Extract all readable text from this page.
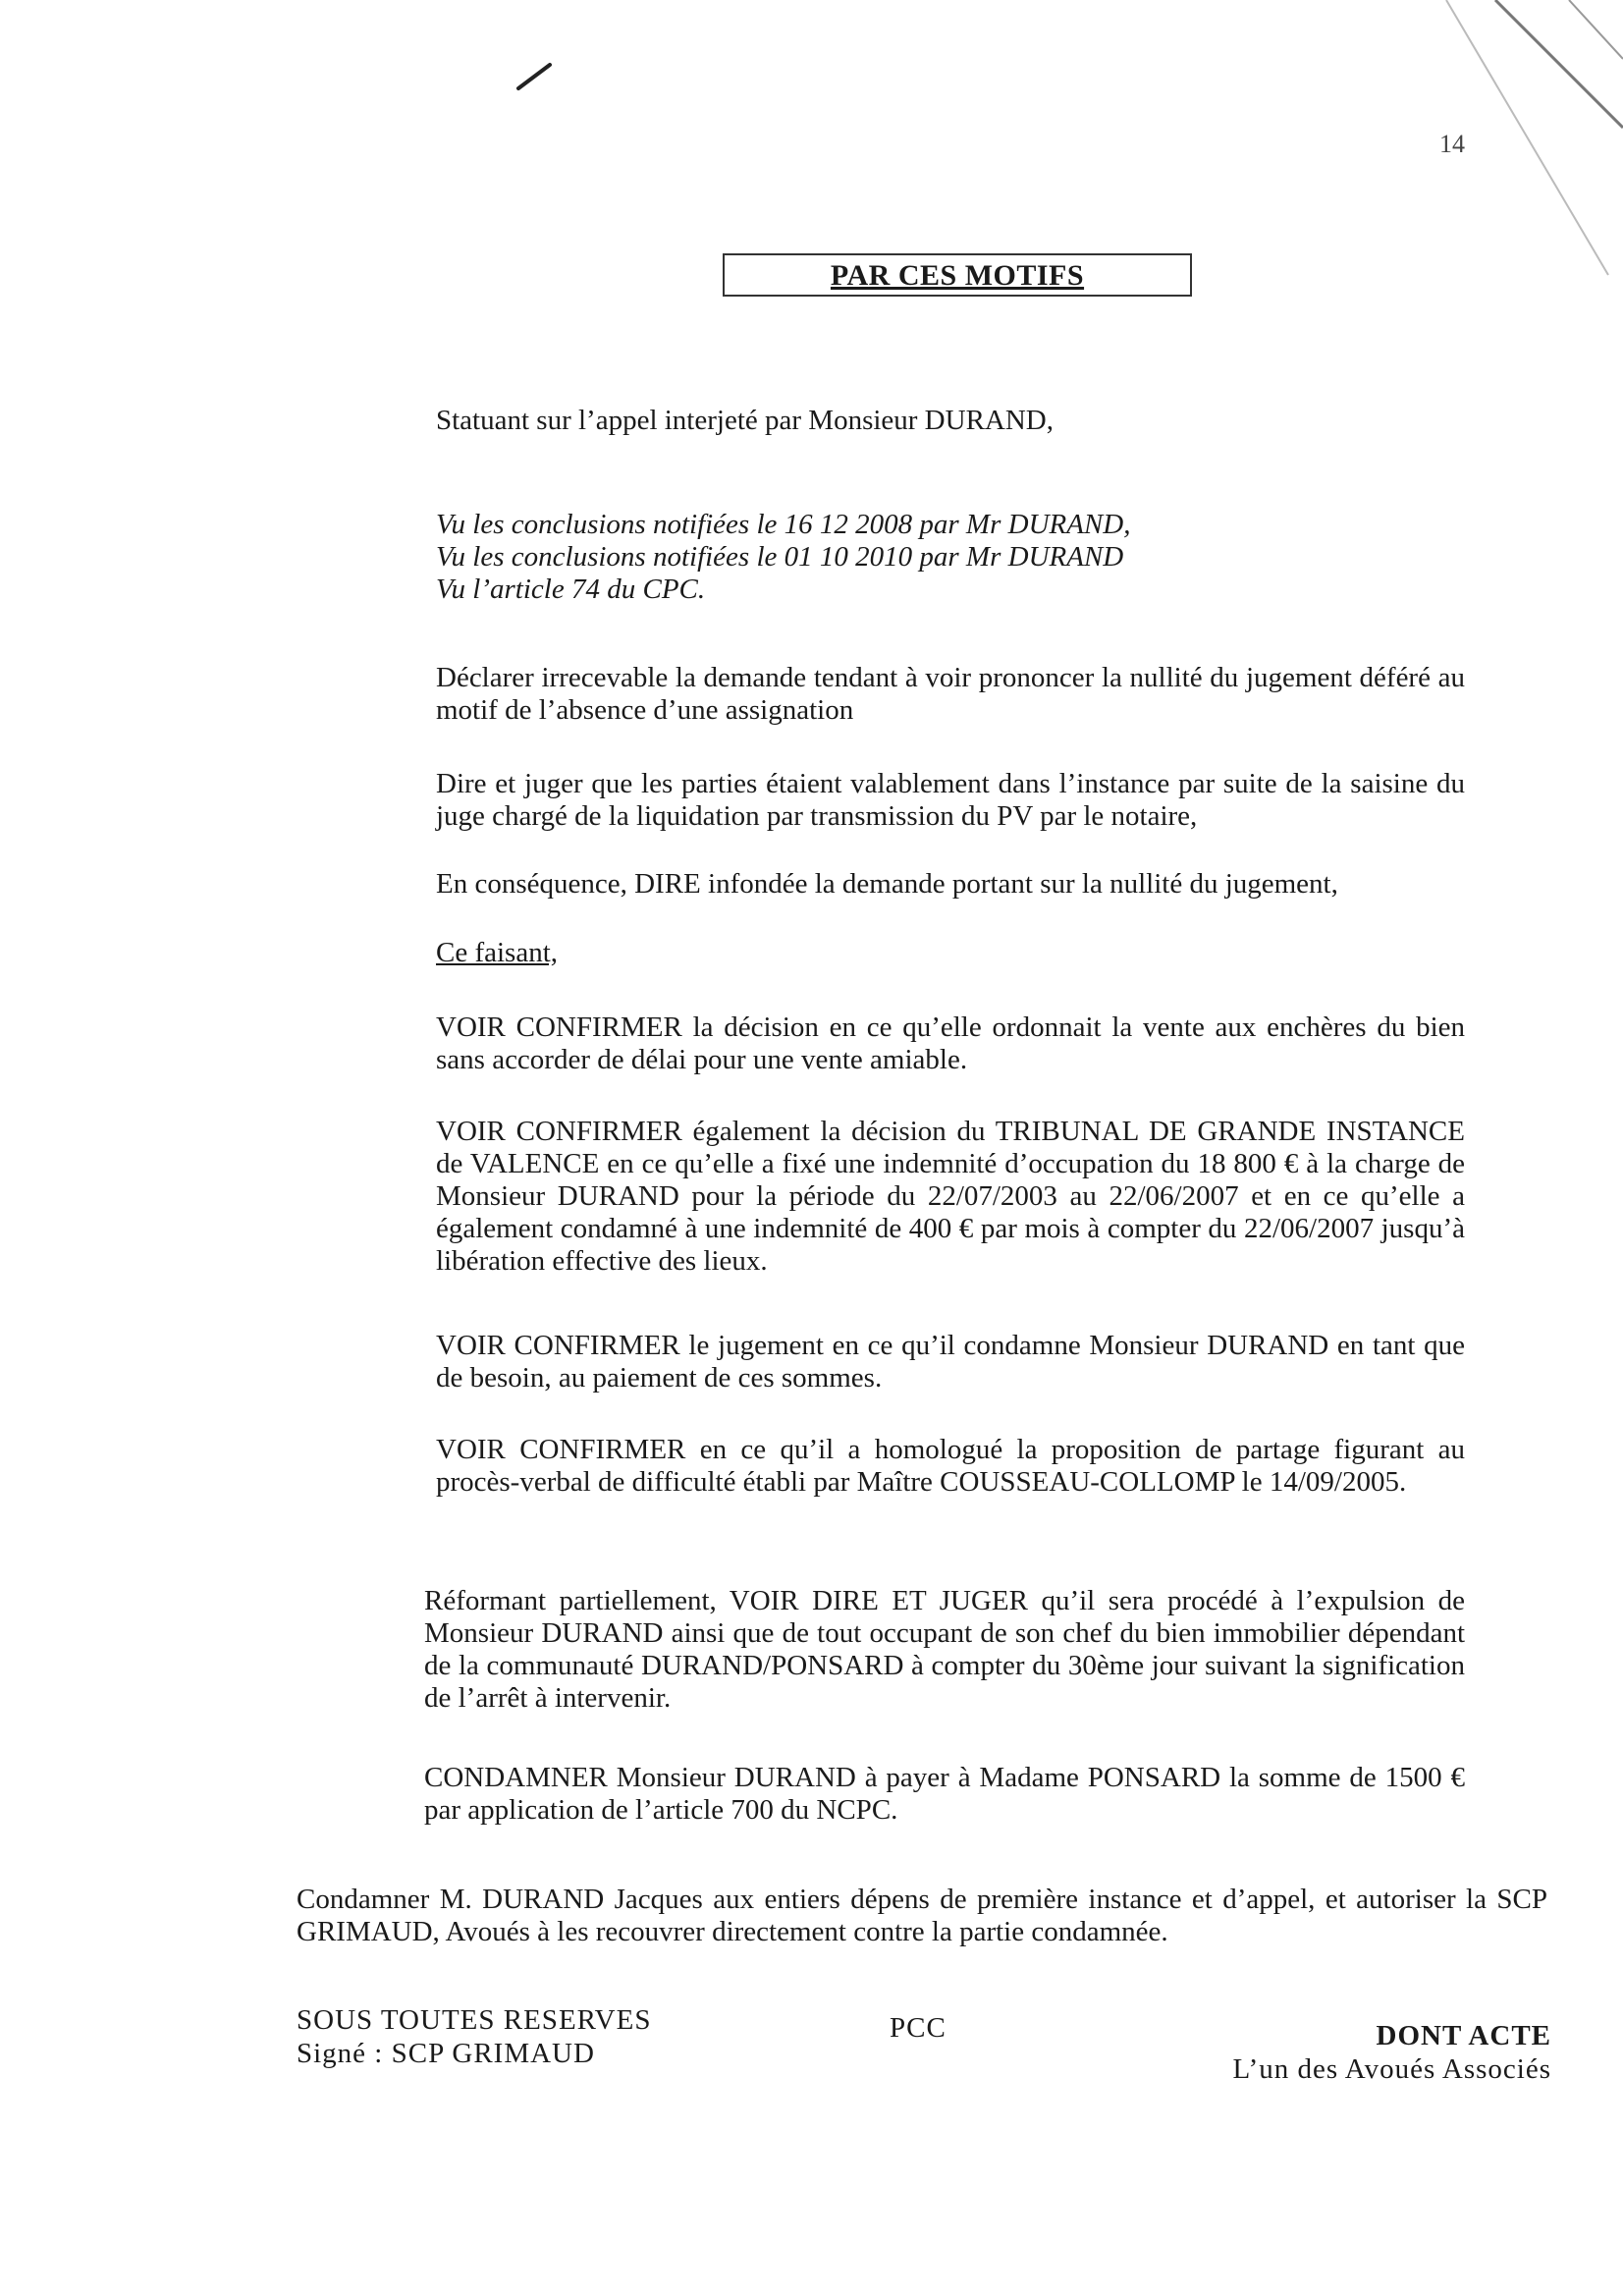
14
PAR CES MOTIFS
Statuant sur l’appel interjeté par Monsieur DURAND,
Vu les conclusions notifiées le 16 12 2008 par Mr DURAND,
Vu les conclusions notifiées le 01 10 2010 par Mr DURAND
Vu l’article 74 du CPC.
Déclarer irrecevable la demande tendant à voir prononcer la nullité du jugement déféré au motif de l’absence d’une assignation
Dire et juger que les parties étaient valablement dans l’instance par suite de la saisine du juge chargé de la liquidation par transmission du PV par le notaire,
En conséquence, DIRE infondée la demande portant sur la nullité du jugement,
Ce faisant,
VOIR CONFIRMER la décision en ce qu’elle ordonnait la vente aux enchères du bien sans accorder de délai pour une vente amiable.
VOIR CONFIRMER également la décision du TRIBUNAL DE GRANDE INSTANCE de VALENCE en ce qu’elle a fixé une indemnité d’occupation du 18 800 € à la charge de Monsieur DURAND pour la période du 22/07/2003 au 22/06/2007 et en ce qu’elle a également condamné à une indemnité de 400 € par mois à compter du 22/06/2007 jusqu’à libération effective des lieux.
VOIR CONFIRMER le jugement en ce qu’il condamne Monsieur DURAND en tant que de besoin, au paiement de ces sommes.
VOIR CONFIRMER en ce qu’il a homologué la proposition de partage figurant au procès-verbal de difficulté établi par Maître COUSSEAU-COLLOMP le 14/09/2005.
Réformant partiellement, VOIR DIRE ET JUGER qu’il sera procédé à l’expulsion de Monsieur DURAND ainsi que de tout occupant de son chef du bien immobilier dépendant de la communauté DURAND/PONSARD à compter du 30ème jour suivant la signification de l’arrêt à intervenir.
CONDAMNER Monsieur DURAND à payer à Madame PONSARD la somme de 1500 € par application de l’article 700 du NCPC.
Condamner M. DURAND Jacques aux entiers dépens de première instance et d’appel, et autoriser la SCP GRIMAUD, Avoués à les recouvrer directement contre la partie condamnée.
SOUS TOUTES RESERVES
Signé : SCP GRIMAUD
PCC	DONT ACTE
L’un des Avoués Associés
